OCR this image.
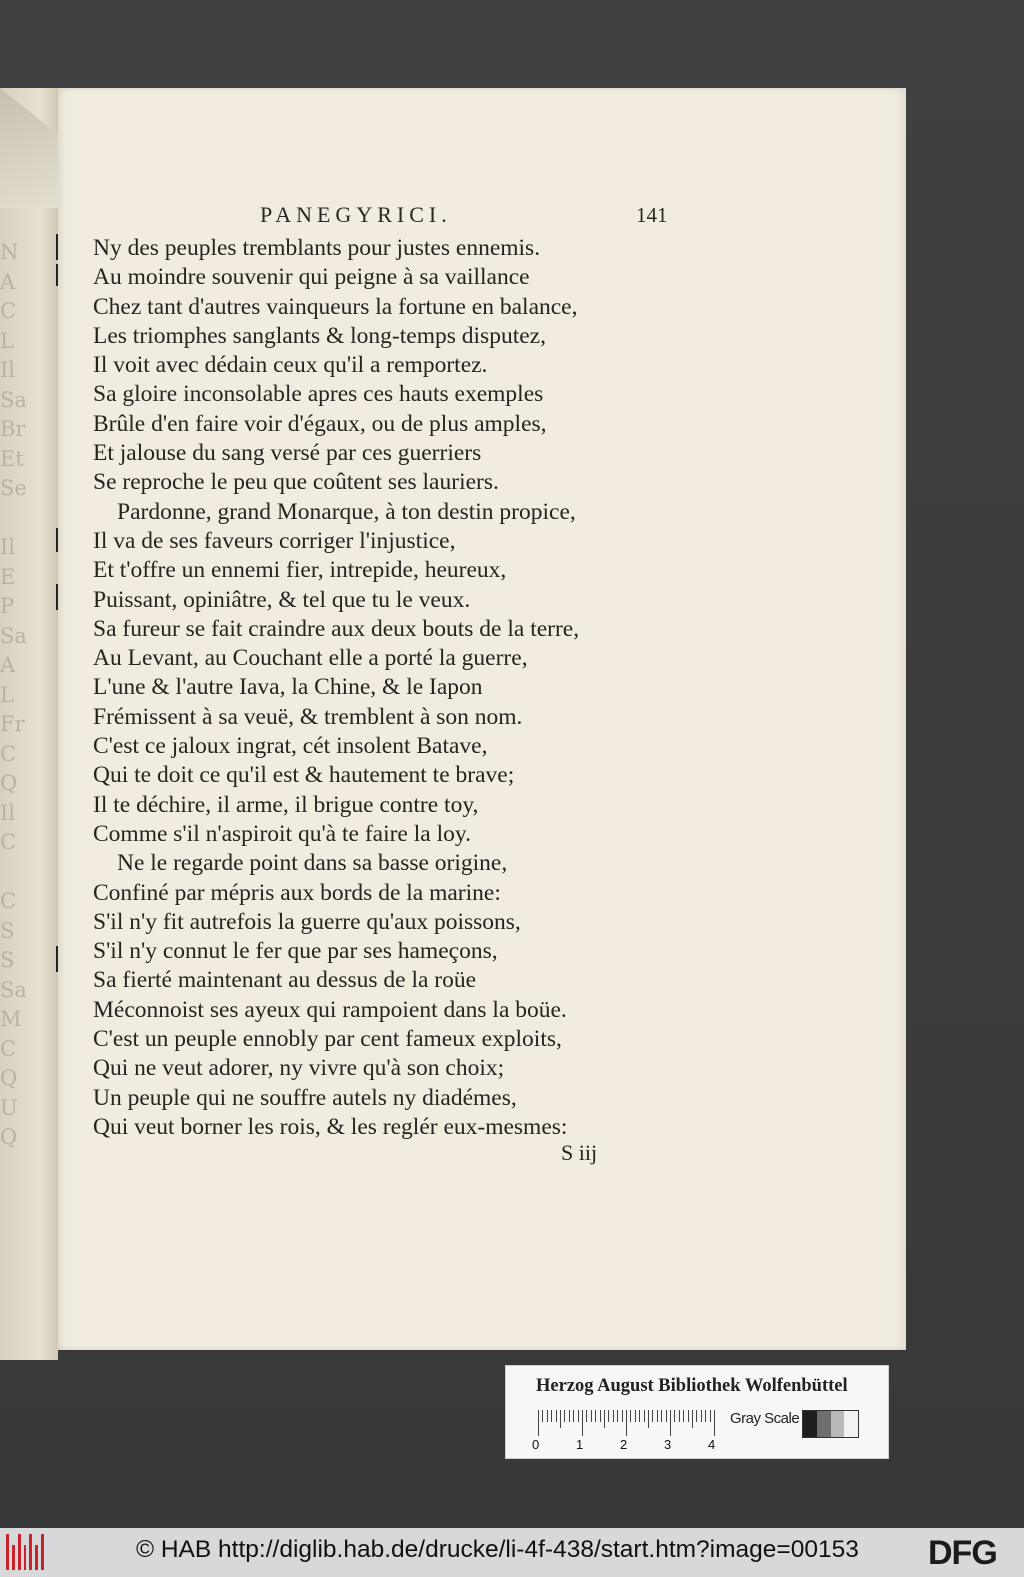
N
A
C
L
Il
Sa
Br
Et
Se
Il
E
P
Sa
A
L
Fr
C
Q
Il
C
C
S
S
Sa
M
C
Q
U
Q
PANEGYRICI.	141
Ny des peuples tremblants pour justes ennemis.
Au moindre souvenir qui peigne à sa vaillance
Chez tant d'autres vainqueurs la fortune en balance,
Les triomphes sanglants & long-temps disputez,
Il voit avec dédain ceux qu'il a remportez.
Sa gloire inconsolable apres ces hauts exemples
Brûle d'en faire voir d'égaux, ou de plus amples,
Et jalouse du sang versé par ces guerriers
Se reproche le peu que coûtent ses lauriers.
Pardonne, grand Monarque, à ton destin propice,
Il va de ses faveurs corriger l'injustice,
Et t'offre un ennemi fier, intrepide, heureux,
Puissant, opiniâtre, & tel que tu le veux.
Sa fureur se fait craindre aux deux bouts de la terre,
Au Levant, au Couchant elle a porté la guerre,
L'une & l'autre Iava, la Chine, & le Iapon
Frémissent à sa veuë, & tremblent à son nom.
C'est ce jaloux ingrat, cét insolent Batave,
Qui te doit ce qu'il est & hautement te brave;
Il te déchire, il arme, il brigue contre toy,
Comme s'il n'aspiroit qu'à te faire la loy.
Ne le regarde point dans sa basse origine,
Confiné par mépris aux bords de la marine:
S'il n'y fit autrefois la guerre qu'aux poissons,
S'il n'y connut le fer que par ses hameçons,
Sa fierté maintenant au dessus de la roüe
Méconnoist ses ayeux qui rampoient dans la boüe.
C'est un peuple ennobly par cent fameux exploits,
Qui ne veut adorer, ny vivre qu'à son choix;
Un peuple qui ne souffre autels ny diadémes,
Qui veut borner les rois, & les reglér eux-mesmes:
S iij
Herzog August Bibliothek Wolfenbüttel
0	1	2	3	4
Gray Scale
© HAB http://diglib.hab.de/drucke/li-4f-438/start.htm?image=00153 DFG
